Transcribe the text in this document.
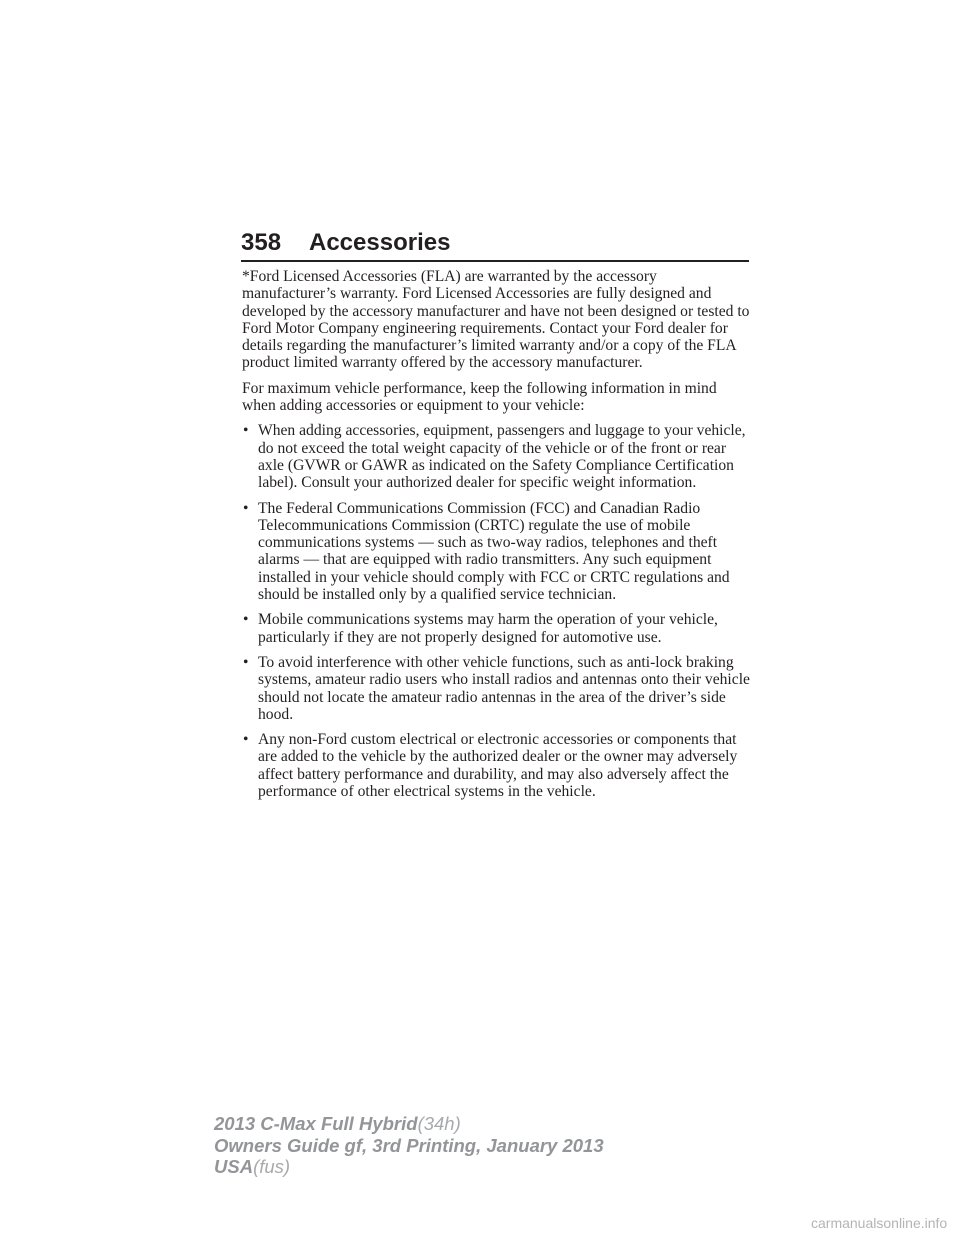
358 Accessories

*Ford Licensed Accessories (FLA) are warranted by the accessory manufacturer’s warranty. Ford Licensed Accessories are fully designed and developed by the accessory manufacturer and have not been designed or tested to Ford Motor Company engineering requirements. Contact your Ford dealer for details regarding the manufacturer’s limited warranty and/or a copy of the FLA product limited warranty offered by the accessory manufacturer.

For maximum vehicle performance, keep the following information in mind when adding accessories or equipment to your vehicle:

• When adding accessories, equipment, passengers and luggage to your vehicle, do not exceed the total weight capacity of the vehicle or of the front or rear axle (GVWR or GAWR as indicated on the Safety Compliance Certification label). Consult your authorized dealer for specific weight information.
• The Federal Communications Commission (FCC) and Canadian Radio Telecommunications Commission (CRTC) regulate the use of mobile communications systems — such as two-way radios, telephones and theft alarms — that are equipped with radio transmitters. Any such equipment installed in your vehicle should comply with FCC or CRTC regulations and should be installed only by a qualified service technician.
• Mobile communications systems may harm the operation of your vehicle, particularly if they are not properly designed for automotive use.
• To avoid interference with other vehicle functions, such as anti-lock braking systems, amateur radio users who install radios and antennas onto their vehicle should not locate the amateur radio antennas in the area of the driver’s side hood.
• Any non-Ford custom electrical or electronic accessories or components that are added to the vehicle by the authorized dealer or the owner may adversely affect battery performance and durability, and may also adversely affect the performance of other electrical systems in the vehicle.
2013 C-Max Full Hybrid(34h)
Owners Guide gf, 3rd Printing, January 2013
USA(fus)
carmanualsonline.info
